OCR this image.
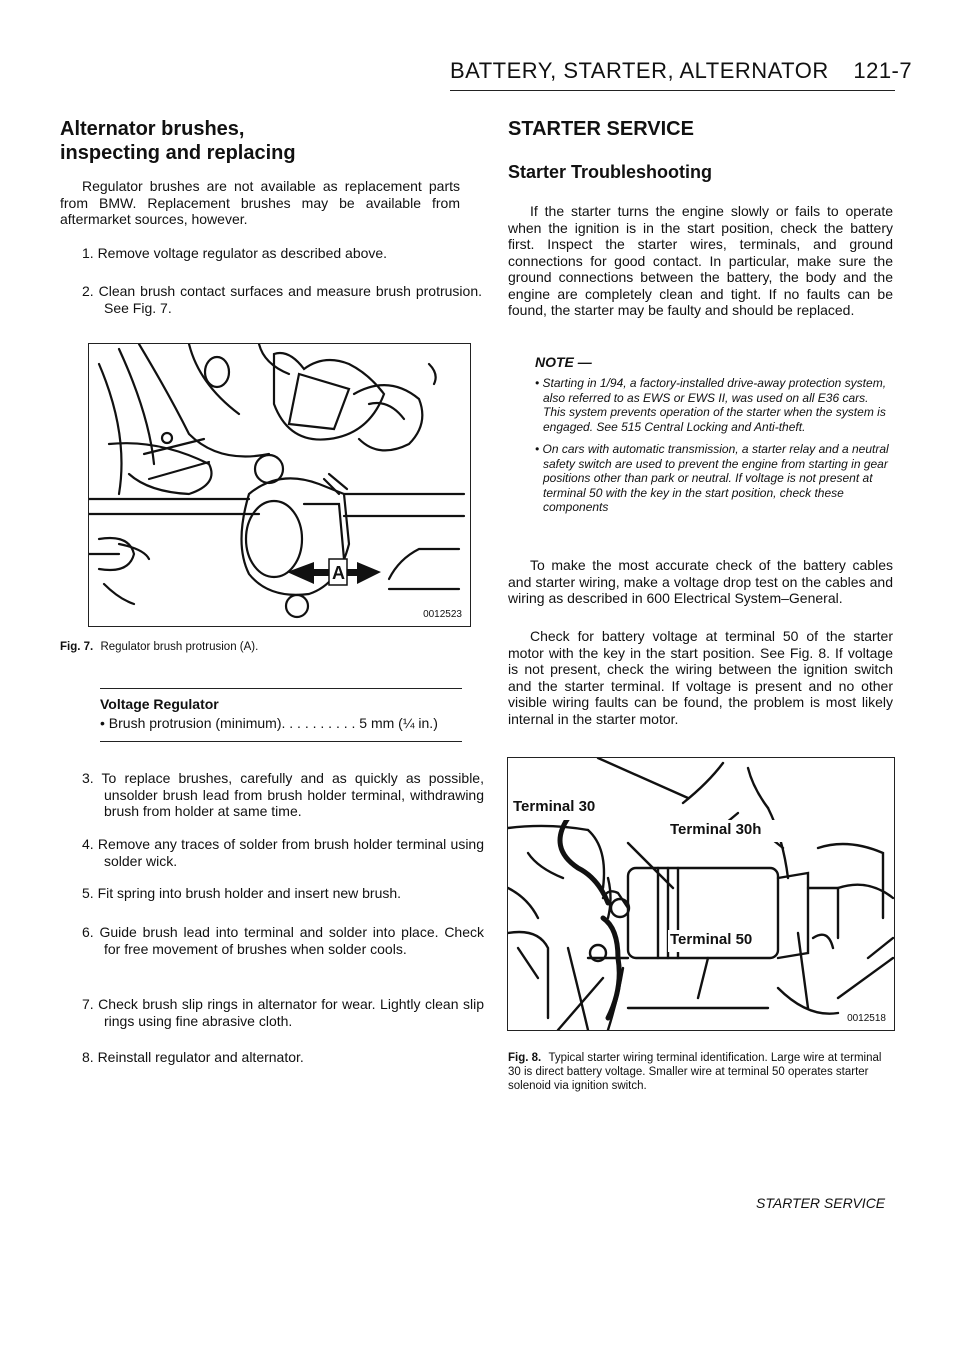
BATTERY, STARTER, ALTERNATOR 121-7
Alternator brushes,
inspecting and replacing
Regulator brushes are not available as replacement parts from BMW. Replacement brushes may be available from aftermarket sources, however.
1. Remove voltage regulator as described above.
2. Clean brush contact surfaces and measure brush protrusion. See Fig. 7.
A
0012523
Fig. 7. Regulator brush protrusion (A).
Voltage Regulator
• Brush protrusion (minimum). . . . . . . . . . 5 mm (¼ in.)
3. To replace brushes, carefully and as quickly as possible, unsolder brush lead from brush holder terminal, withdrawing brush from holder at same time.
4. Remove any traces of solder from brush holder terminal using solder wick.
5. Fit spring into brush holder and insert new brush.
6. Guide brush lead into terminal and solder into place. Check for free movement of brushes when solder cools.
7. Check brush slip rings in alternator for wear. Lightly clean slip rings using fine abrasive cloth.
8. Reinstall regulator and alternator.
STARTER SERVICE
Starter Troubleshooting
If the starter turns the engine slowly or fails to operate when the ignition is in the start position, check the battery first. Inspect the starter wires, terminals, and ground connections for good contact. In particular, make sure the ground connections between the battery, the body and the engine are completely clean and tight. If no faults can be found, the starter may be faulty and should be replaced.
NOTE —
• Starting in 1/94, a factory-installed drive-away protection system, also referred to as EWS or EWS II, was used on all E36 cars. This system prevents operation of the starter when the system is engaged. See 515 Central Locking and Anti-theft.
• On cars with automatic transmission, a starter relay and a neutral safety switch are used to prevent the engine from starting in gear positions other than park or neutral. If voltage is not present at terminal 50 with the key in the start position, check these components
To make the most accurate check of the battery cables and starter wiring, make a voltage drop test on the cables and wiring as described in 600 Electrical System–General.
Check for battery voltage at terminal 50 of the starter motor with the key in the start position. See Fig. 8. If voltage is not present, check the wiring between the ignition switch and the starter terminal. If voltage is present and no other visible wiring faults can be found, the problem is most likely internal in the starter motor.
Terminal 30
Terminal 30h
Terminal 50
0012518
Fig. 8. Typical starter wiring terminal identification. Large wire at terminal 30 is direct battery voltage. Smaller wire at terminal 50 operates starter solenoid via ignition switch.
STARTER SERVICE
